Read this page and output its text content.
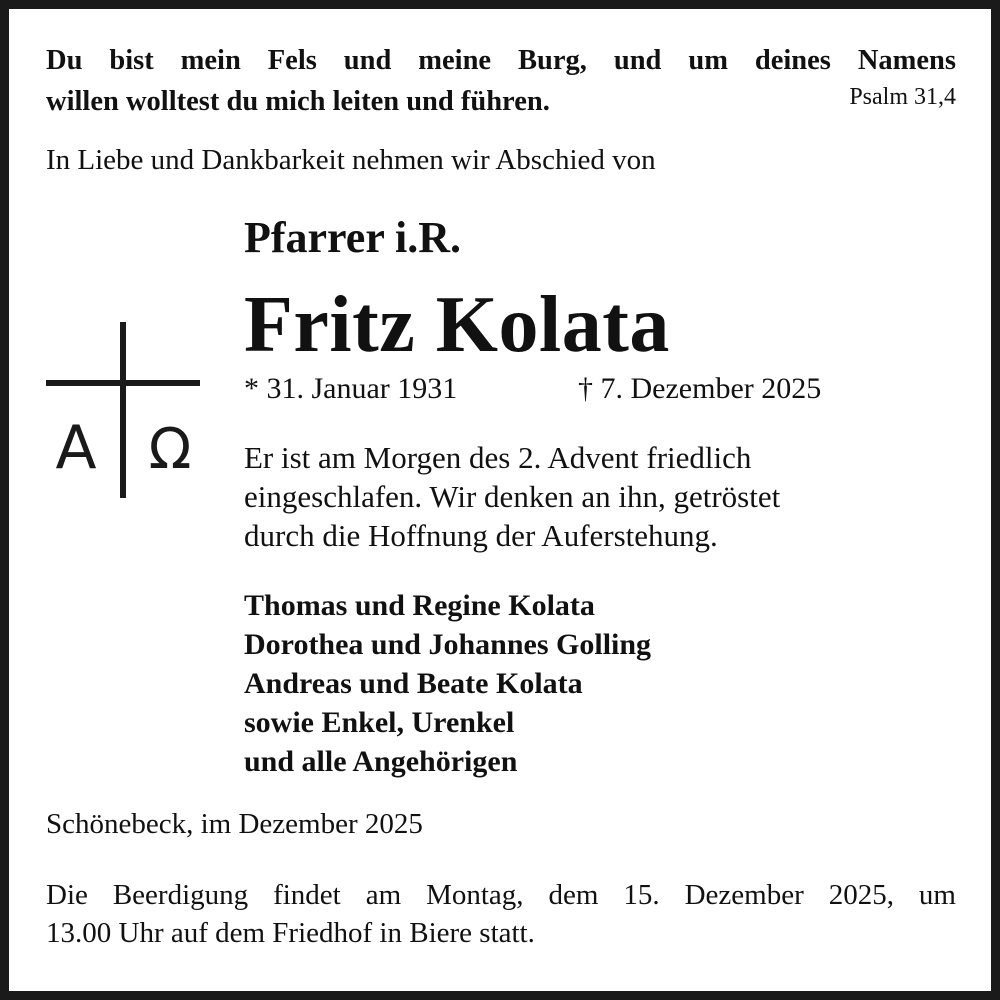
Du bist mein Fels und meine Burg, und um deines Namens
willen wolltest du mich leiten und führen.	Psalm 31,4
In Liebe und Dankbarkeit nehmen wir Abschied von
Pfarrer i.R.
Fritz Kolata
A Ω
* 31. Januar 1931	† 7. Dezember 2025
Er ist am Morgen des 2. Advent friedlich
eingeschlafen. Wir denken an ihn, getröstet
durch die Hoffnung der Auferstehung.
Thomas und Regine Kolata
Dorothea und Johannes Golling
Andreas und Beate Kolata
sowie Enkel, Urenkel
und alle Angehörigen
Schönebeck, im Dezember 2025
Die Beerdigung findet am Montag, dem 15. Dezember 2025, um
13.00 Uhr auf dem Friedhof in Biere statt.
